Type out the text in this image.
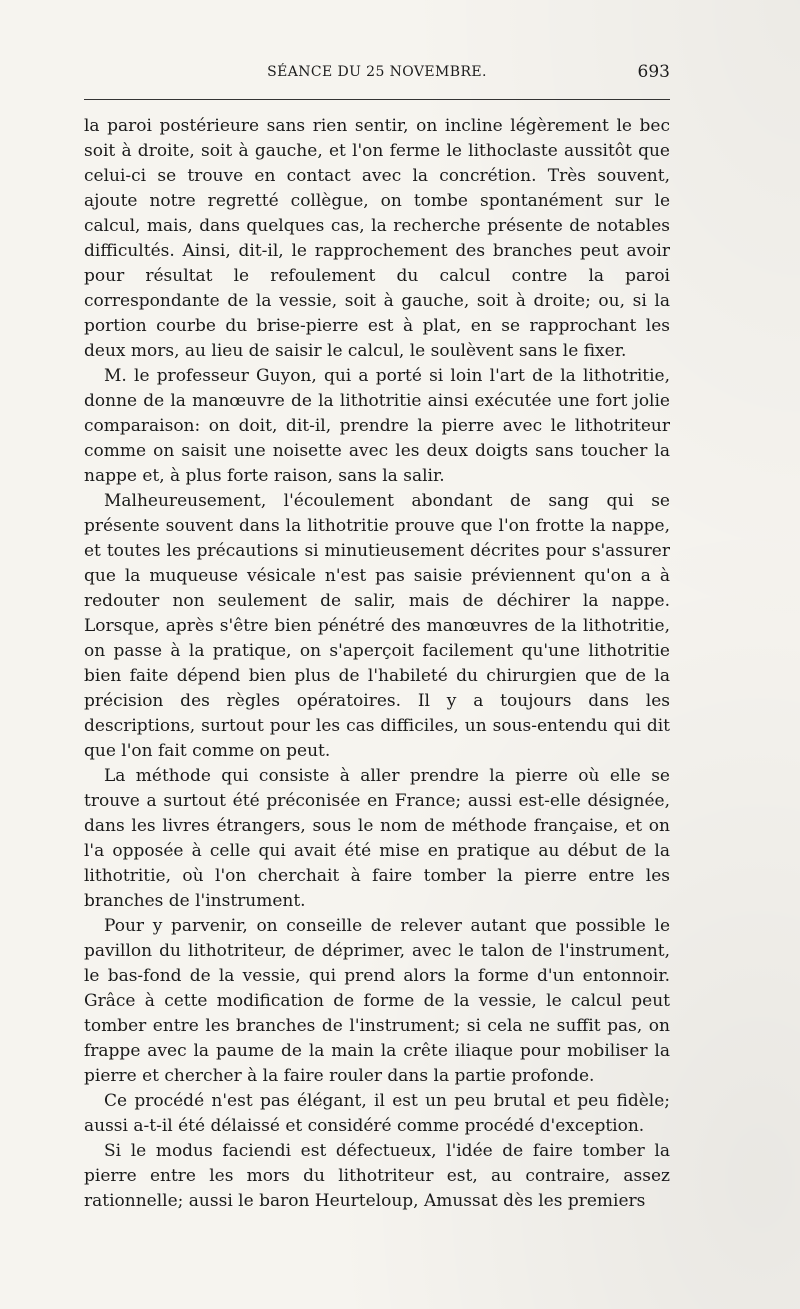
SÉANCE DU 25 NOVEMBRE.	693

la paroi postérieure sans rien sentir, on incline légèrement le bec soit à droite, soit à gauche, et l'on ferme le lithoclaste aussitôt que celui-ci se trouve en contact avec la concrétion. Très souvent, ajoute notre regretté collègue, on tombe spontanément sur le calcul, mais, dans quelques cas, la recherche présente de notables difficultés. Ainsi, dit-il, le rapprochement des branches peut avoir pour résultat le refoulement du calcul contre la paroi correspondante de la vessie, soit à gauche, soit à droite; ou, si la portion courbe du brise-pierre est à plat, en se rapprochant les deux mors, au lieu de saisir le calcul, le soulèvent sans le fixer.

M. le professeur Guyon, qui a porté si loin l'art de la lithotritie, donne de la manœuvre de la lithotritie ainsi exécutée une fort jolie comparaison: on doit, dit-il, prendre la pierre avec le lithotriteur comme on saisit une noisette avec les deux doigts sans toucher la nappe et, à plus forte raison, sans la salir.

Malheureusement, l'écoulement abondant de sang qui se présente souvent dans la lithotritie prouve que l'on frotte la nappe, et toutes les précautions si minutieusement décrites pour s'assurer que la muqueuse vésicale n'est pas saisie préviennent qu'on a à redouter non seulement de salir, mais de déchirer la nappe. Lorsque, après s'être bien pénétré des manœuvres de la lithotritie, on passe à la pratique, on s'aperçoit facilement qu'une lithotritie bien faite dépend bien plus de l'habileté du chirurgien que de la précision des règles opératoires. Il y a toujours dans les descriptions, surtout pour les cas difficiles, un sous-entendu qui dit que l'on fait comme on peut.

La méthode qui consiste à aller prendre la pierre où elle se trouve a surtout été préconisée en France; aussi est-elle désignée, dans les livres étrangers, sous le nom de méthode française, et on l'a opposée à celle qui avait été mise en pratique au début de la lithotritie, où l'on cherchait à faire tomber la pierre entre les branches de l'instrument.

Pour y parvenir, on conseille de relever autant que possible le pavillon du lithotriteur, de déprimer, avec le talon de l'instrument, le bas-fond de la vessie, qui prend alors la forme d'un entonnoir. Grâce à cette modification de forme de la vessie, le calcul peut tomber entre les branches de l'instrument; si cela ne suffit pas, on frappe avec la paume de la main la crête iliaque pour mobiliser la pierre et chercher à la faire rouler dans la partie profonde.

Ce procédé n'est pas élégant, il est un peu brutal et peu fidèle; aussi a-t-il été délaissé et considéré comme procédé d'exception.

Si le modus faciendi est défectueux, l'idée de faire tomber la pierre entre les mors du lithotriteur est, au contraire, assez rationnelle; aussi le baron Heurteloup, Amussat dès les premiers
